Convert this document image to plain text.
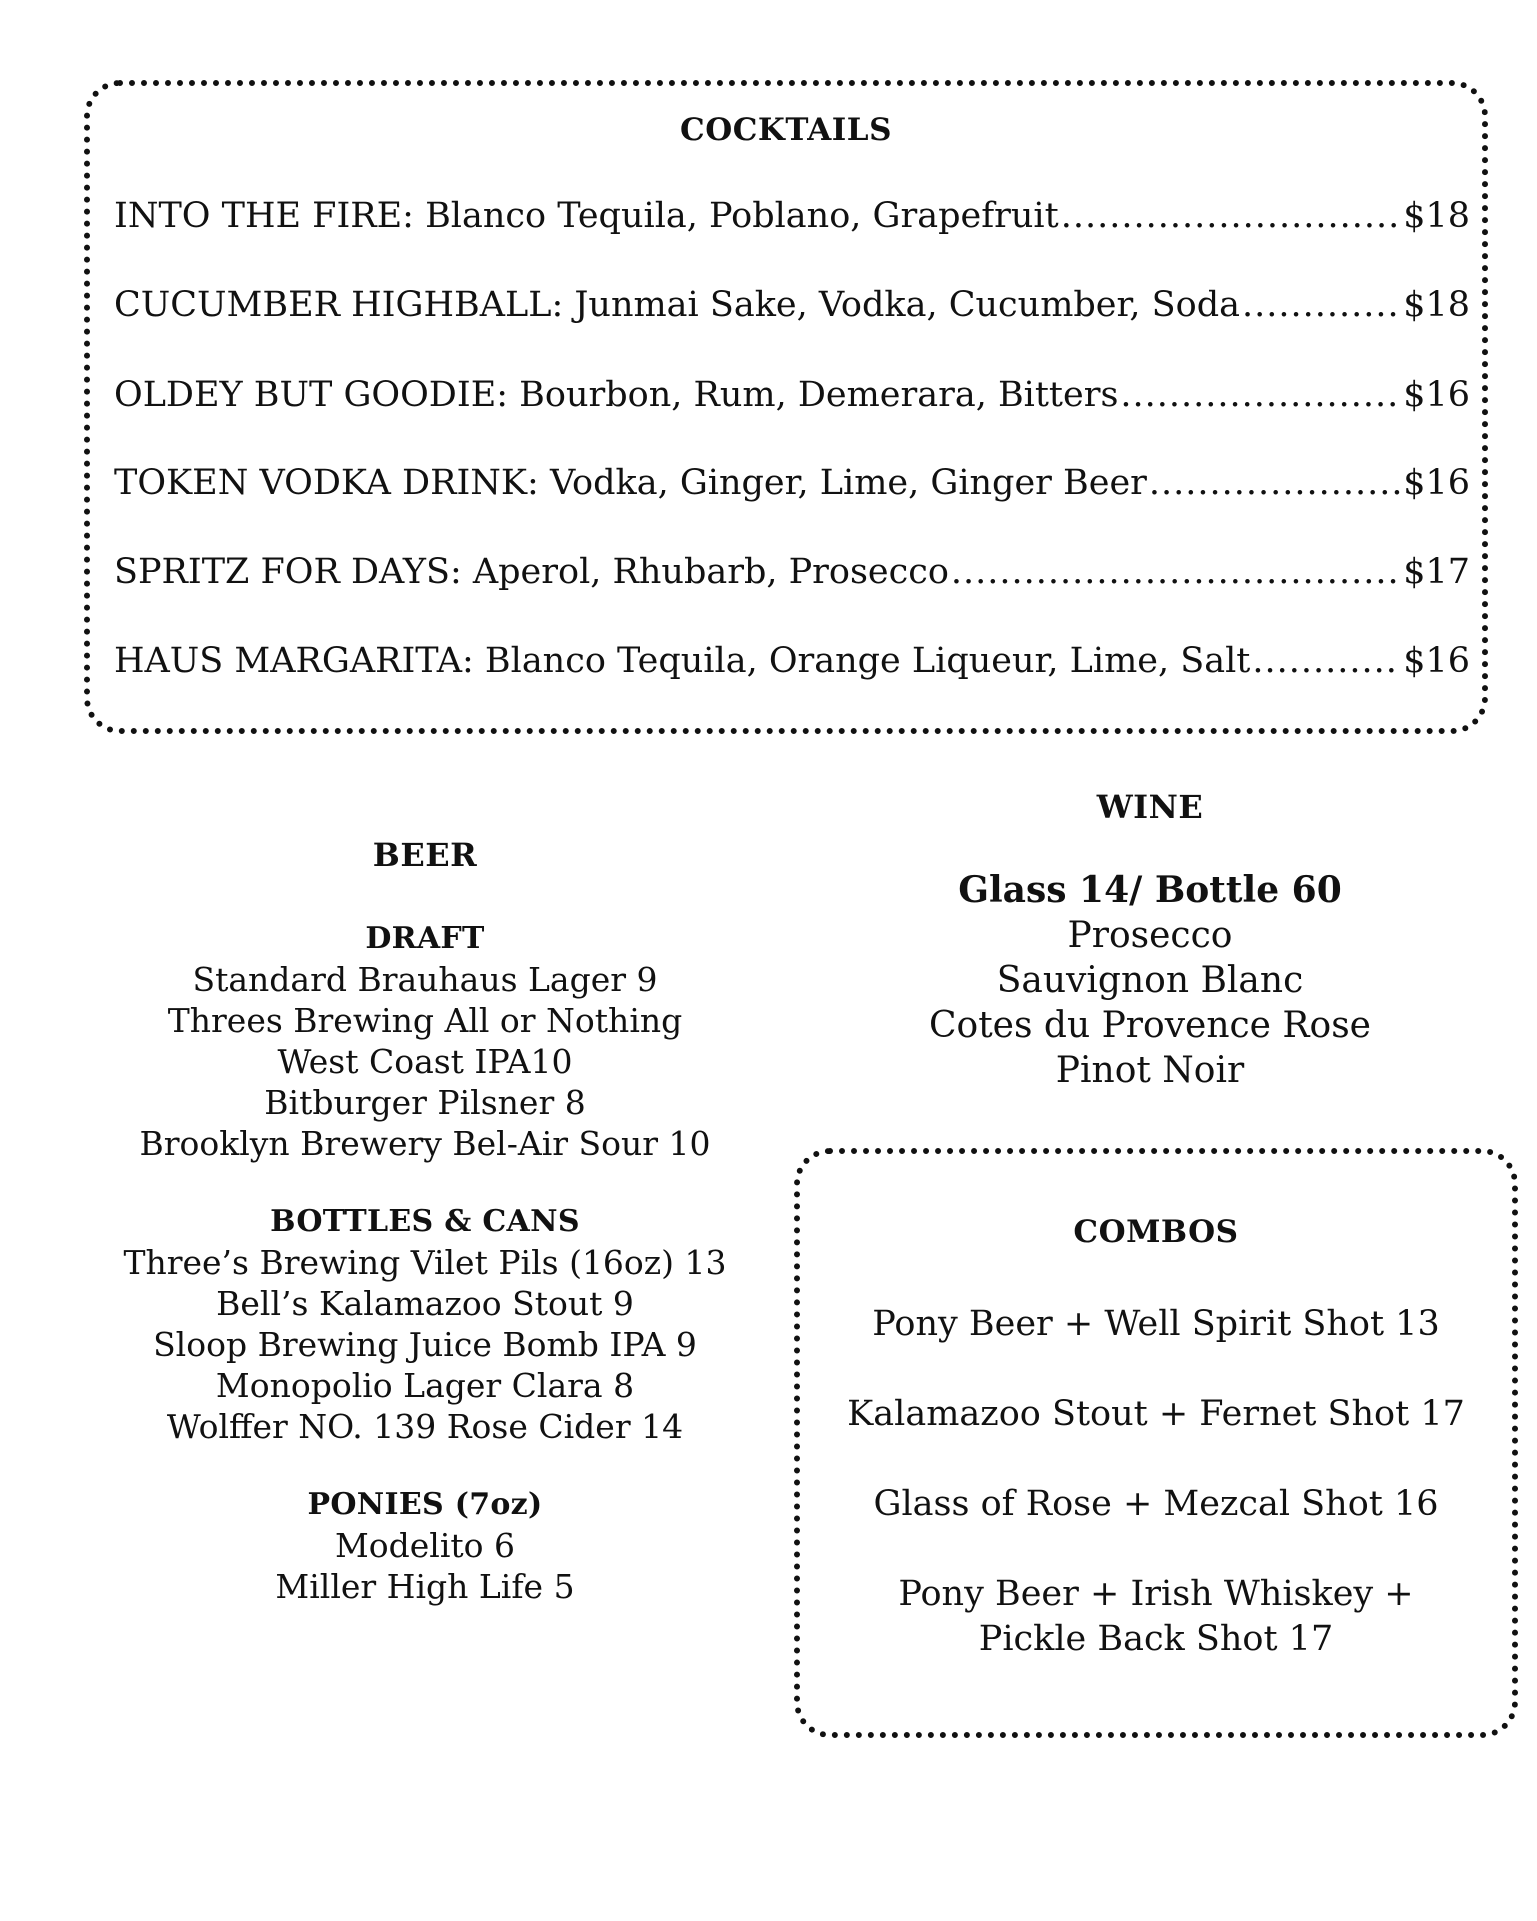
COCKTAILS
INTO THE FIRE: Blanco Tequila, Poblano, Grapefruit .....	$18
CUCUMBER HIGHBALL: Junmai Sake, Vodka, Cucumber, Soda .....	$18
OLDEY BUT GOODIE: Bourbon, Rum, Demerara, Bitters .....	$16
TOKEN VODKA DRINK: Vodka, Ginger, Lime, Ginger Beer .....	$16
SPRITZ FOR DAYS: Aperol, Rhubarb, Prosecco .....	$17
HAUS MARGARITA: Blanco Tequila, Orange Liqueur, Lime, Salt .....	$16
BEER
DRAFT
Standard Brauhaus Lager 9
Threes Brewing All or Nothing
West Coast IPA10
Bitburger Pilsner 8
Brooklyn Brewery Bel-Air Sour 10
BOTTLES & CANS
Three’s Brewing Vilet Pils (16oz) 13
Bell’s Kalamazoo Stout 9
Sloop Brewing Juice Bomb IPA 9
Monopolio Lager Clara 8
Wolffer NO. 139 Rose Cider 14
PONIES (7oz)
Modelito 6
Miller High Life 5
WINE
Glass 14/ Bottle 60
Prosecco
Sauvignon Blanc
Cotes du Provence Rose
Pinot Noir
COMBOS
Pony Beer + Well Spirit Shot 13
Kalamazoo Stout + Fernet Shot 17
Glass of Rose + Mezcal Shot 16
Pony Beer + Irish Whiskey +
Pickle Back Shot 17
